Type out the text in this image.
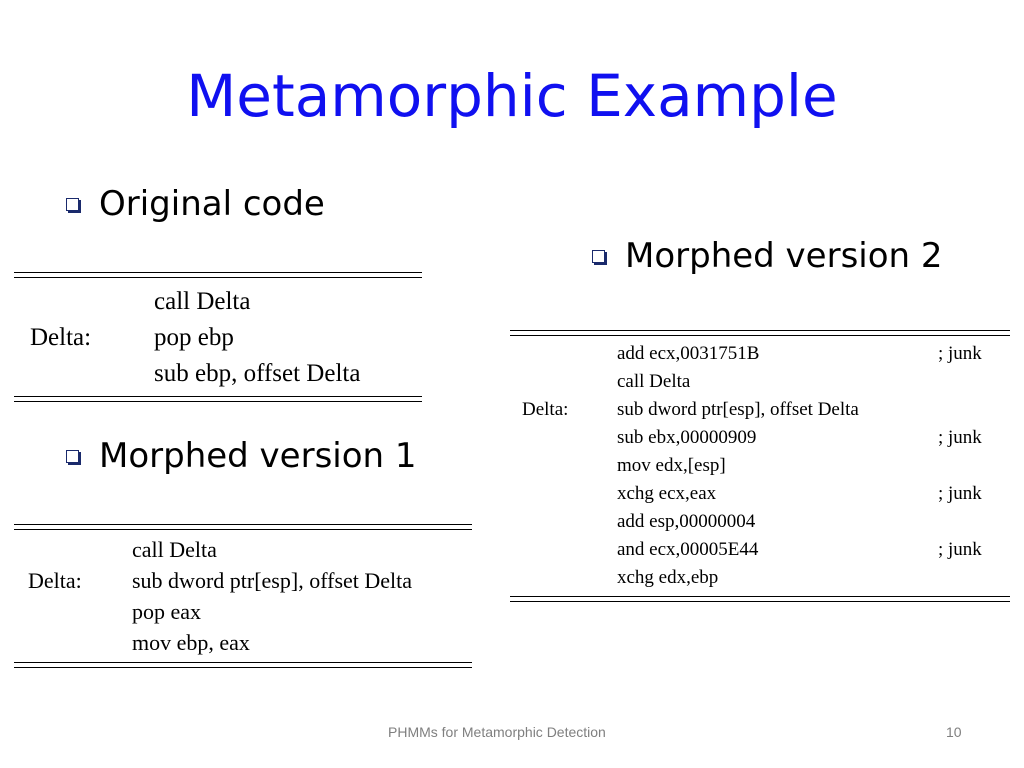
Metamorphic Example
Original code
call Delta
Delta:	pop ebp
sub ebp, offset Delta
Morphed version 1
call Delta
Delta:	sub dword ptr[esp], offset Delta
pop eax
mov ebp, eax
Morphed version 2
add ecx,0031751B	; junk
call Delta
Delta:	sub dword ptr[esp], offset Delta
sub ebx,00000909	; junk
mov edx,[esp]
xchg ecx,eax	; junk
add esp,00000004
and ecx,00005E44	; junk
xchg edx,ebp
PHMMs for Metamorphic Detection	10
